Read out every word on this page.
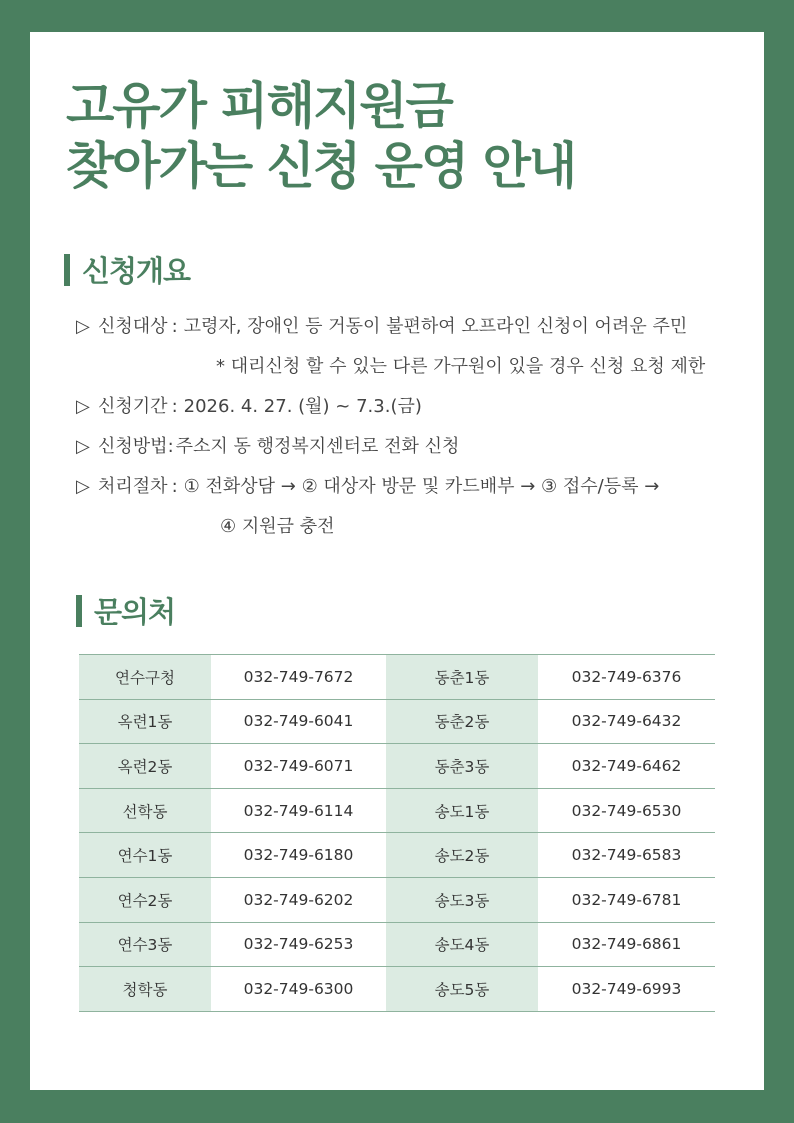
고유가 피해지원금
찾아가는 신청 운영 안내
신청개요
▷ 신청대상 : 고령자, 장애인 등 거동이 불편하여 오프라인 신청이 어려운 주민
* 대리신청 할 수 있는 다른 가구원이 있을 경우 신청 요청 제한
▷ 신청기간 : 2026. 4. 27. (월) ~ 7.3.(금)
▷ 신청방법 : 주소지 동 행정복지센터로 전화 신청
▷ 처리절차 : ① 전화상담 → ② 대상자 방문 및 카드배부 → ③ 접수/등록 →
④ 지원금 충전
문의처
연수구청	032-749-7672	동춘1동	032-749-6376
옥련1동	032-749-6041	동춘2동	032-749-6432
옥련2동	032-749-6071	동춘3동	032-749-6462
선학동	032-749-6114	송도1동	032-749-6530
연수1동	032-749-6180	송도2동	032-749-6583
연수2동	032-749-6202	송도3동	032-749-6781
연수3동	032-749-6253	송도4동	032-749-6861
청학동	032-749-6300	송도5동	032-749-6993
